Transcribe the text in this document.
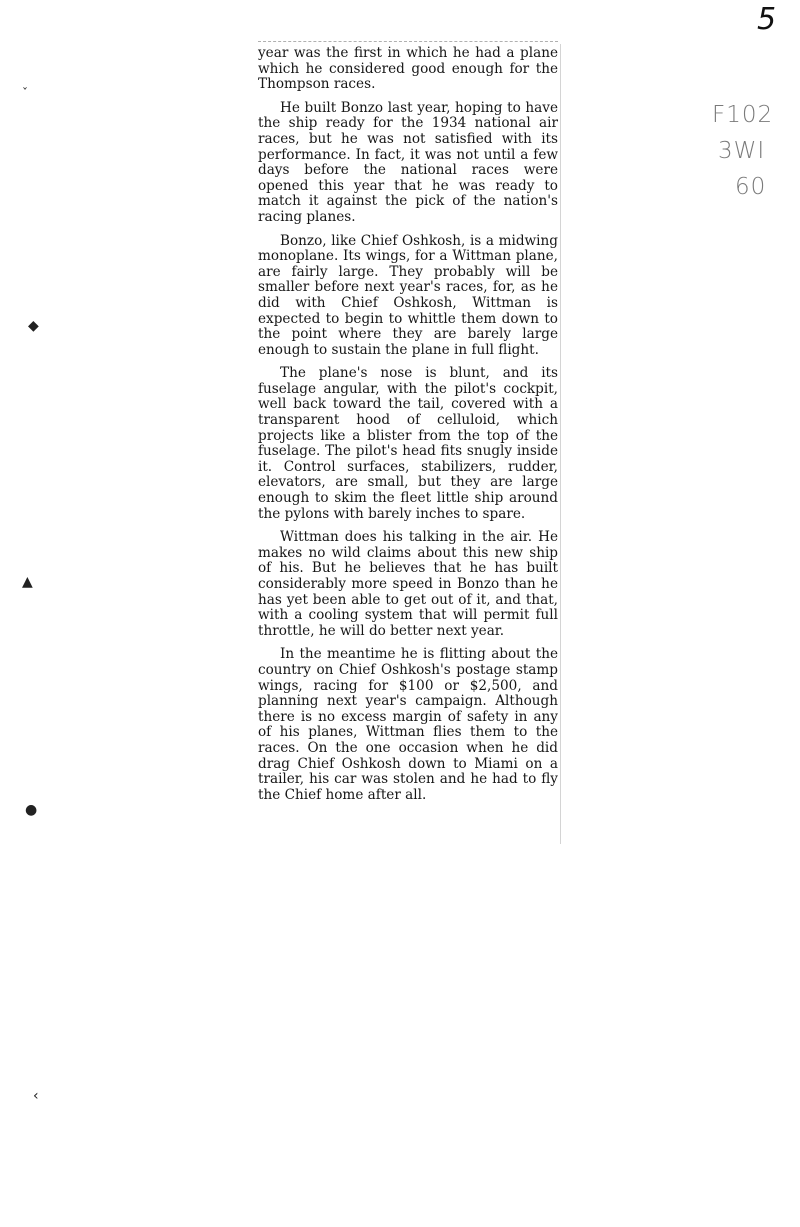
5
F102
3WI
60
ˇ
◆
▲
●
‹

year was the first in which he had a plane which he considered good enough for the Thompson races.

He built Bonzo last year, hoping to have the ship ready for the 1934 national air races, but he was not satisfied with its performance. In fact, it was not until a few days before the national races were opened this year that he was ready to match it against the pick of the nation's racing planes.

Bonzo, like Chief Oshkosh, is a midwing monoplane. Its wings, for a Wittman plane, are fairly large. They probably will be smaller before next year's races, for, as he did with Chief Oshkosh, Wittman is expected to begin to whittle them down to the point where they are barely large enough to sustain the plane in full flight.

The plane's nose is blunt, and its fuselage angular, with the pilot's cockpit, well back toward the tail, covered with a transparent hood of celluloid, which projects like a blister from the top of the fuselage. The pilot's head fits snugly inside it. Control surfaces, stabilizers, rudder, elevators, are small, but they are large enough to skim the fleet little ship around the pylons with barely inches to spare.

Wittman does his talking in the air. He makes no wild claims about this new ship of his. But he believes that he has built considerably more speed in Bonzo than he has yet been able to get out of it, and that, with a cooling system that will permit full throttle, he will do better next year.

In the meantime he is flitting about the country on Chief Oshkosh's postage stamp wings, racing for $100 or $2,500, and planning next year's campaign. Although there is no excess margin of safety in any of his planes, Wittman flies them to the races. On the one occasion when he did drag Chief Oshkosh down to Miami on a trailer, his car was stolen and he had to fly the Chief home after all.
